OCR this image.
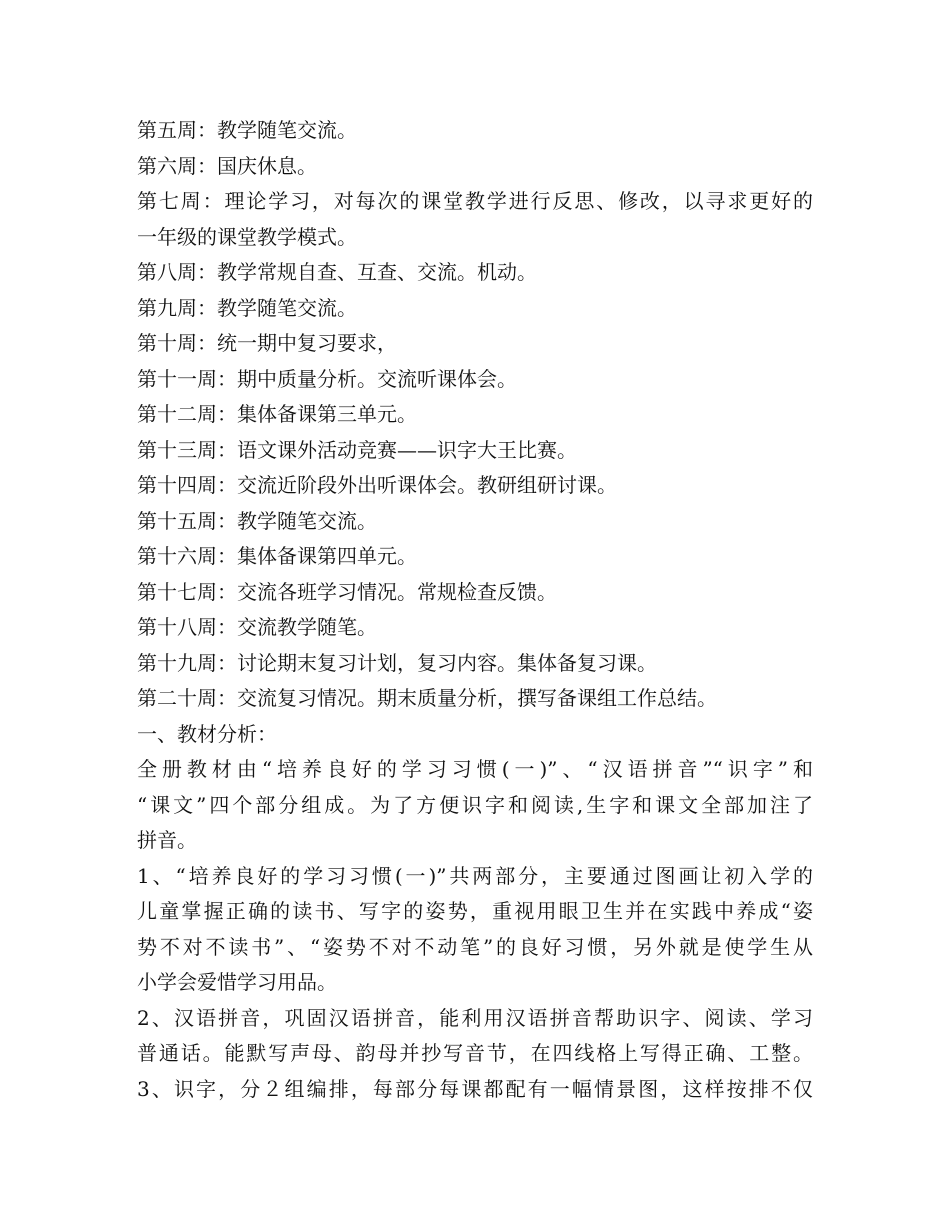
第五周：教学随笔交流。
第六周：国庆休息。
第七周：理论学习，对每次的课堂教学进行反思、修改，以寻求更好的
一年级的课堂教学模式。
第八周：教学常规自查、互查、交流。机动。
第九周：教学随笔交流。
第十周：统一期中复习要求，
第十一周：期中质量分析。交流听课体会。
第十二周：集体备课第三单元。
第十三周：语文课外活动竞赛——识字大王比赛。
第十四周：交流近阶段外出听课体会。教研组研讨课。
第十五周：教学随笔交流。
第十六周：集体备课第四单元。
第十七周：交流各班学习情况。常规检查反馈。
第十八周：交流教学随笔。
第十九周：讨论期末复习计划，复习内容。集体备复习课。
第二十周：交流复习情况。期末质量分析，撰写备课组工作总结。
一、教材分析：
全册教材由“培养良好的学习习惯(一)”、“汉语拼音”“识字”和
“课文”四个部分组成。为了方便识字和阅读,生字和课文全部加注了
拼音。
1、“培养良好的学习习惯(一)”共两部分，主要通过图画让初入学的
儿童掌握正确的读书、写字的姿势，重视用眼卫生并在实践中养成“姿
势不对不读书”、“姿势不对不动笔”的良好习惯，另外就是使学生从
小学会爱惜学习用品。
2、汉语拼音，巩固汉语拼音，能利用汉语拼音帮助识字、阅读、学习
普通话。能默写声母、韵母并抄写音节，在四线格上写得正确、工整。
3、识字，分２组编排，每部分每课都配有一幅情景图，这样按排不仅
